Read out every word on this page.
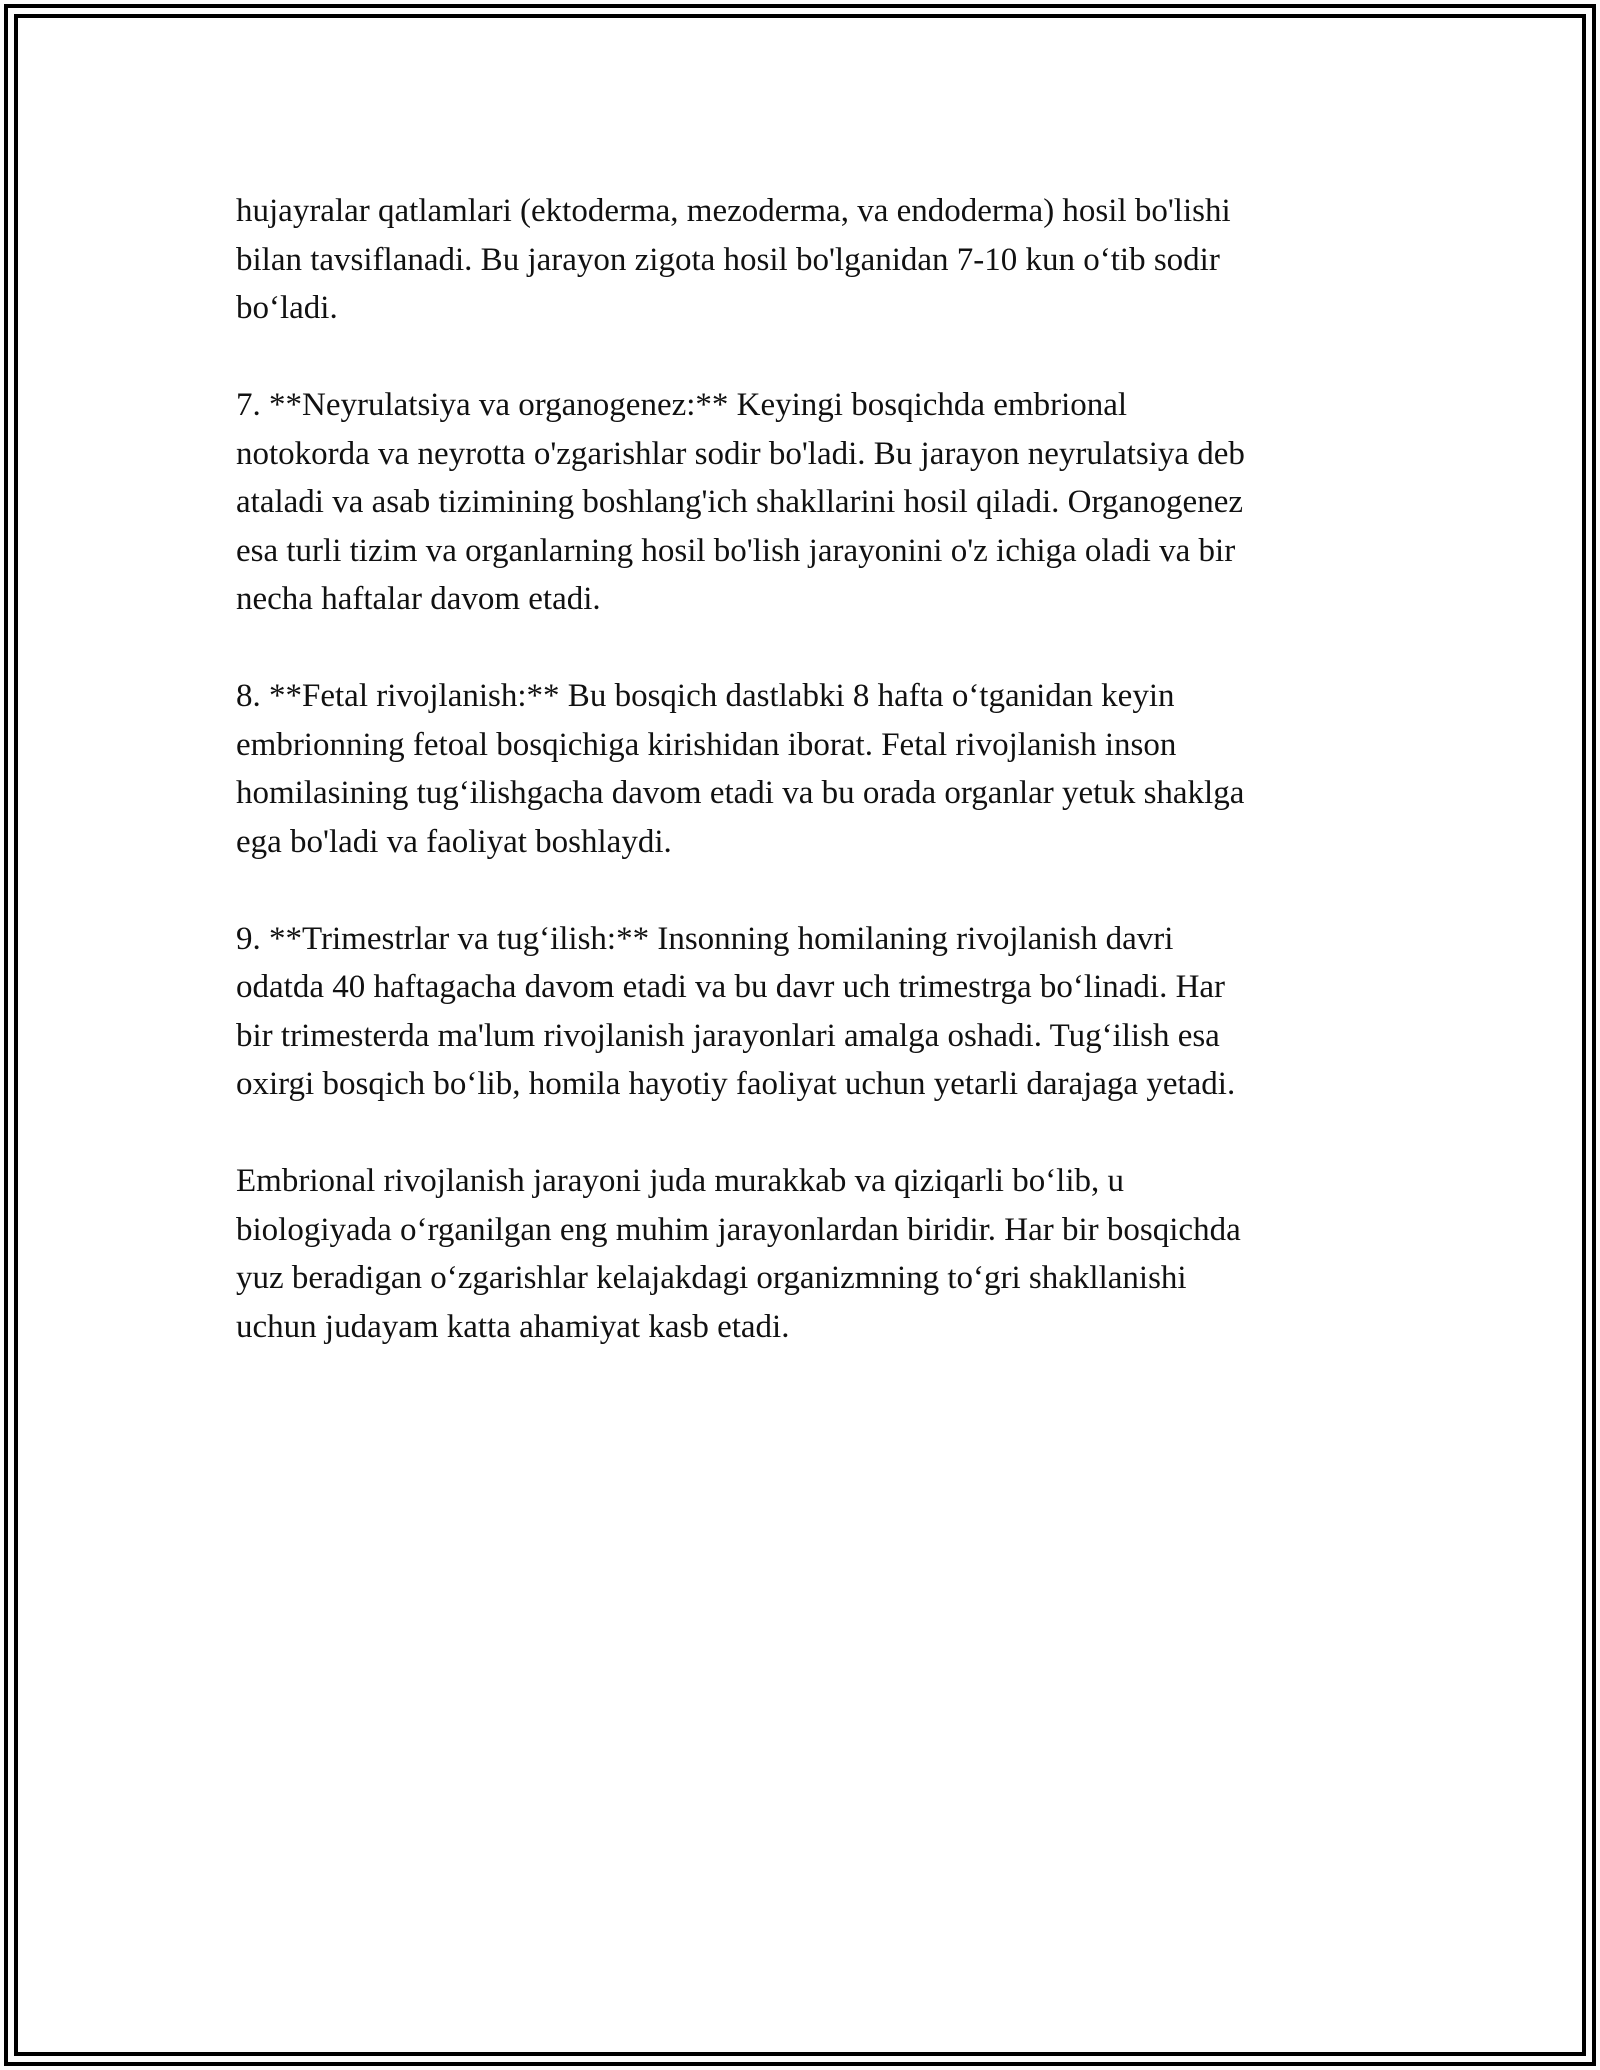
hujayralar qatlamlari (ektoderma, mezoderma, va endoderma) hosil bo'lishi
bilan tavsiflanadi. Bu jarayon zigota hosil bo'lganidan 7-10 kun o‘tib sodir
bo‘ladi.

7. **Neyrulatsiya va organogenez:** Keyingi bosqichda embrional
notokorda va neyrotta o'zgarishlar sodir bo'ladi. Bu jarayon neyrulatsiya deb
ataladi va asab tizimining boshlang'ich shakllarini hosil qiladi. Organogenez
esa turli tizim va organlarning hosil bo'lish jarayonini o'z ichiga oladi va bir
necha haftalar davom etadi.

8. **Fetal rivojlanish:** Bu bosqich dastlabki 8 hafta o‘tganidan keyin
embrionning fetoal bosqichiga kirishidan iborat. Fetal rivojlanish inson
homilasining tug‘ilishgacha davom etadi va bu orada organlar yetuk shaklga
ega bo'ladi va faoliyat boshlaydi.

9. **Trimestrlar va tug‘ilish:** Insonning homilaning rivojlanish davri
odatda 40 haftagacha davom etadi va bu davr uch trimestrga bo‘linadi. Har
bir trimesterda ma'lum rivojlanish jarayonlari amalga oshadi. Tug‘ilish esa
oxirgi bosqich bo‘lib, homila hayotiy faoliyat uchun yetarli darajaga yetadi.

Embrional rivojlanish jarayoni juda murakkab va qiziqarli bo‘lib, u
biologiyada o‘rganilgan eng muhim jarayonlardan biridir. Har bir bosqichda
yuz beradigan o‘zgarishlar kelajakdagi organizmning to‘gri shakllanishi
uchun judayam katta ahamiyat kasb etadi.
